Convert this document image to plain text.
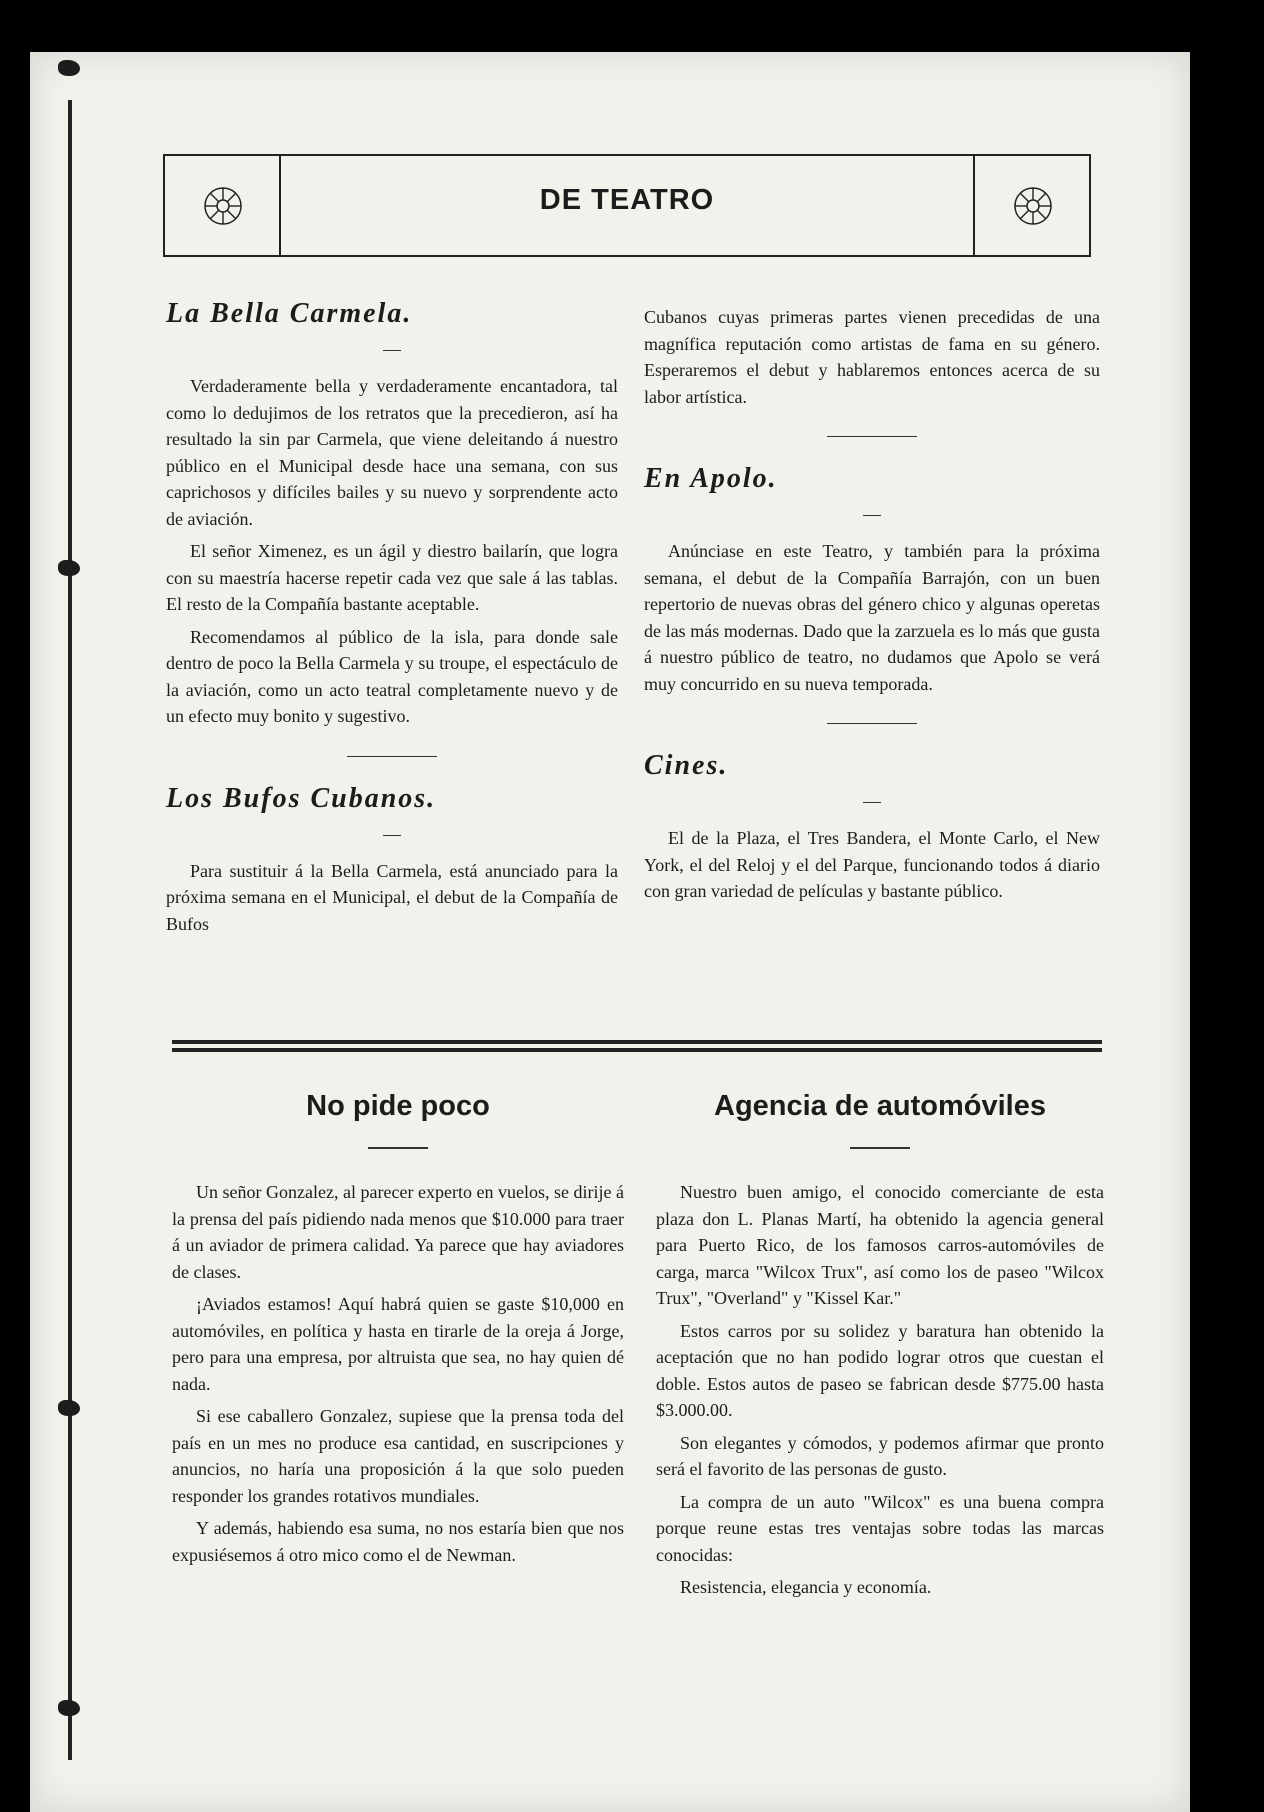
DE TEATRO
La Bella Carmela.

Verdaderamente bella y verdaderamente encantadora, tal como lo dedujimos de los retratos que la precedieron, así ha resultado la sin par Carmela, que viene deleitando á nuestro público en el Municipal desde hace una semana, con sus caprichosos y difíciles bailes y su nuevo y sorprendente acto de aviación.

El señor Ximenez, es un ágil y diestro bailarín, que logra con su maestría hacerse repetir cada vez que sale á las tablas. El resto de la Compañía bastante aceptable.

Recomendamos al público de la isla, para donde sale dentro de poco la Bella Carmela y su troupe, el espectáculo de la aviación, como un acto teatral completamente nuevo y de un efecto muy bonito y sugestivo.

Los Bufos Cubanos.

Para sustituir á la Bella Carmela, está anunciado para la próxima semana en el Municipal, el debut de la Compañía de Bufos

Cubanos cuyas primeras partes vienen precedidas de una magnífica reputación como artistas de fama en su género. Esperaremos el debut y hablaremos entonces acerca de su labor artística.

En Apolo.

Anúnciase en este Teatro, y también para la próxima semana, el debut de la Compañía Barrajón, con un buen repertorio de nuevas obras del género chico y algunas operetas de las más modernas. Dado que la zarzuela es lo más que gusta á nuestro público de teatro, no dudamos que Apolo se verá muy concurrido en su nueva temporada.

Cines.

El de la Plaza, el Tres Bandera, el Monte Carlo, el New York, el del Reloj y el del Parque, funcionando todos á diario con gran variedad de películas y bastante público.

No pide poco

Un señor Gonzalez, al parecer experto en vuelos, se dirije á la prensa del país pidiendo nada menos que $10.000 para traer á un aviador de primera calidad. Ya parece que hay aviadores de clases.

¡Aviados estamos! Aquí habrá quien se gaste $10,000 en automóviles, en política y hasta en tirarle de la oreja á Jorge, pero para una empresa, por altruista que sea, no hay quien dé nada.

Si ese caballero Gonzalez, supiese que la prensa toda del país en un mes no produce esa cantidad, en suscripciones y anuncios, no haría una proposición á la que solo pueden responder los grandes rotativos mundiales.

Y además, habiendo esa suma, no nos estaría bien que nos expusiésemos á otro mico como el de Newman.

Agencia de automóviles

Nuestro buen amigo, el conocido comerciante de esta plaza don L. Planas Martí, ha obtenido la agencia general para Puerto Rico, de los famosos carros-automóviles de carga, marca "Wilcox Trux", así como los de paseo "Wilcox Trux", "Overland" y "Kissel Kar."

Estos carros por su solidez y baratura han obtenido la aceptación que no han podido lograr otros que cuestan el doble. Estos autos de paseo se fabrican desde $775.00 hasta $3.000.00.

Son elegantes y cómodos, y podemos afirmar que pronto será el favorito de las personas de gusto.

La compra de un auto "Wilcox" es una buena compra porque reune estas tres ventajas sobre todas las marcas conocidas:

Resistencia, elegancia y economía.
